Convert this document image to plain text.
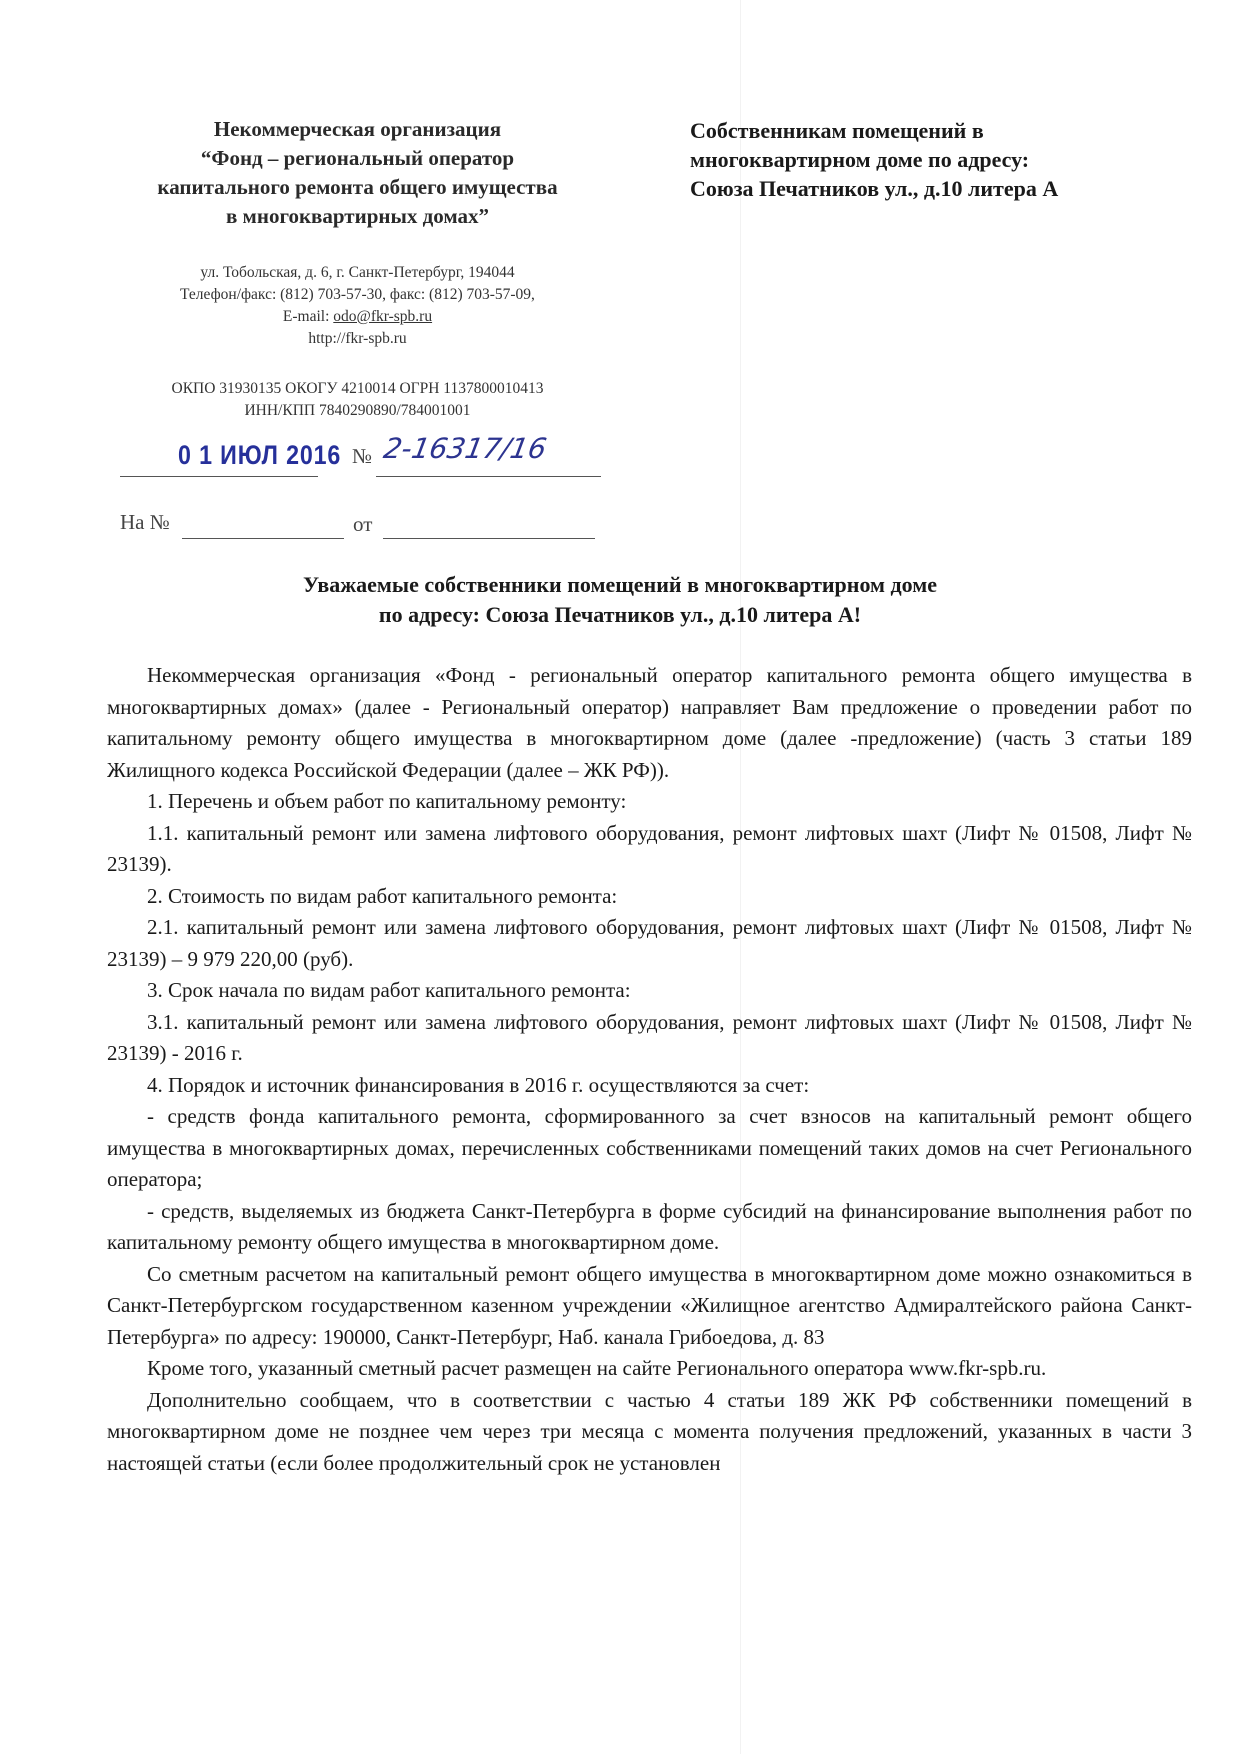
Некоммерческая организация
“Фонд – региональный оператор
капитального ремонта общего имущества
в многоквартирных домах”
ул. Тобольская, д. 6, г. Санкт-Петербург, 194044
Телефон/факс: (812) 703-57-30, факс: (812) 703-57-09,
E-mail: odo@fkr-spb.ru
http://fkr-spb.ru
ОКПО 31930135 ОКОГУ 4210014 ОГРН 1137800010413
ИНН/КПП 7840290890/784001001
Собственникам помещений в
многоквартирном доме по адресу:
Союза Печатников ул., д.10 литера А
0 1 ИЮЛ 2016 № 2-16317/16
На №	от
Уважаемые собственники помещений в многоквартирном доме
по адресу: Союза Печатников ул., д.10 литера А!

Некоммерческая организация «Фонд - региональный оператор капитального ремонта общего имущества в многоквартирных домах» (далее - Региональный оператор) направляет Вам предложение о проведении работ по капитальному ремонту общего имущества в многоквартирном доме (далее -предложение) (часть 3 статьи 189 Жилищного кодекса Российской Федерации (далее – ЖК РФ)).

1. Перечень и объем работ по капитальному ремонту:

1.1. капитальный ремонт или замена лифтового оборудования, ремонт лифтовых шахт (Лифт № 01508, Лифт № 23139).

2. Стоимость по видам работ капитального ремонта:

2.1. капитальный ремонт или замена лифтового оборудования, ремонт лифтовых шахт (Лифт № 01508, Лифт № 23139) – 9 979 220,00 (руб).

3. Срок начала по видам работ капитального ремонта:

3.1. капитальный ремонт или замена лифтового оборудования, ремонт лифтовых шахт (Лифт № 01508, Лифт № 23139) - 2016 г.

4. Порядок и источник финансирования в 2016 г. осуществляются за счет:

- средств фонда капитального ремонта, сформированного за счет взносов на капитальный ремонт общего имущества в многоквартирных домах, перечисленных собственниками помещений таких домов на счет Регионального оператора;

- средств, выделяемых из бюджета Санкт-Петербурга в форме субсидий на финансирование выполнения работ по капитальному ремонту общего имущества в многоквартирном доме.

Со сметным расчетом на капитальный ремонт общего имущества в многоквартирном доме можно ознакомиться в Санкт-Петербургском государственном казенном учреждении «Жилищное агентство Адмиралтейского района Санкт-Петербурга» по адресу: 190000, Санкт-Петербург, Наб. канала Грибоедова, д. 83

Кроме того, указанный сметный расчет размещен на сайте Регионального оператора www.fkr-spb.ru.

Дополнительно сообщаем, что в соответствии с частью 4 статьи 189 ЖК РФ собственники помещений в многоквартирном доме не позднее чем через три месяца с момента получения предложений, указанных в части 3 настоящей статьи (если более продолжительный срок не установлен
